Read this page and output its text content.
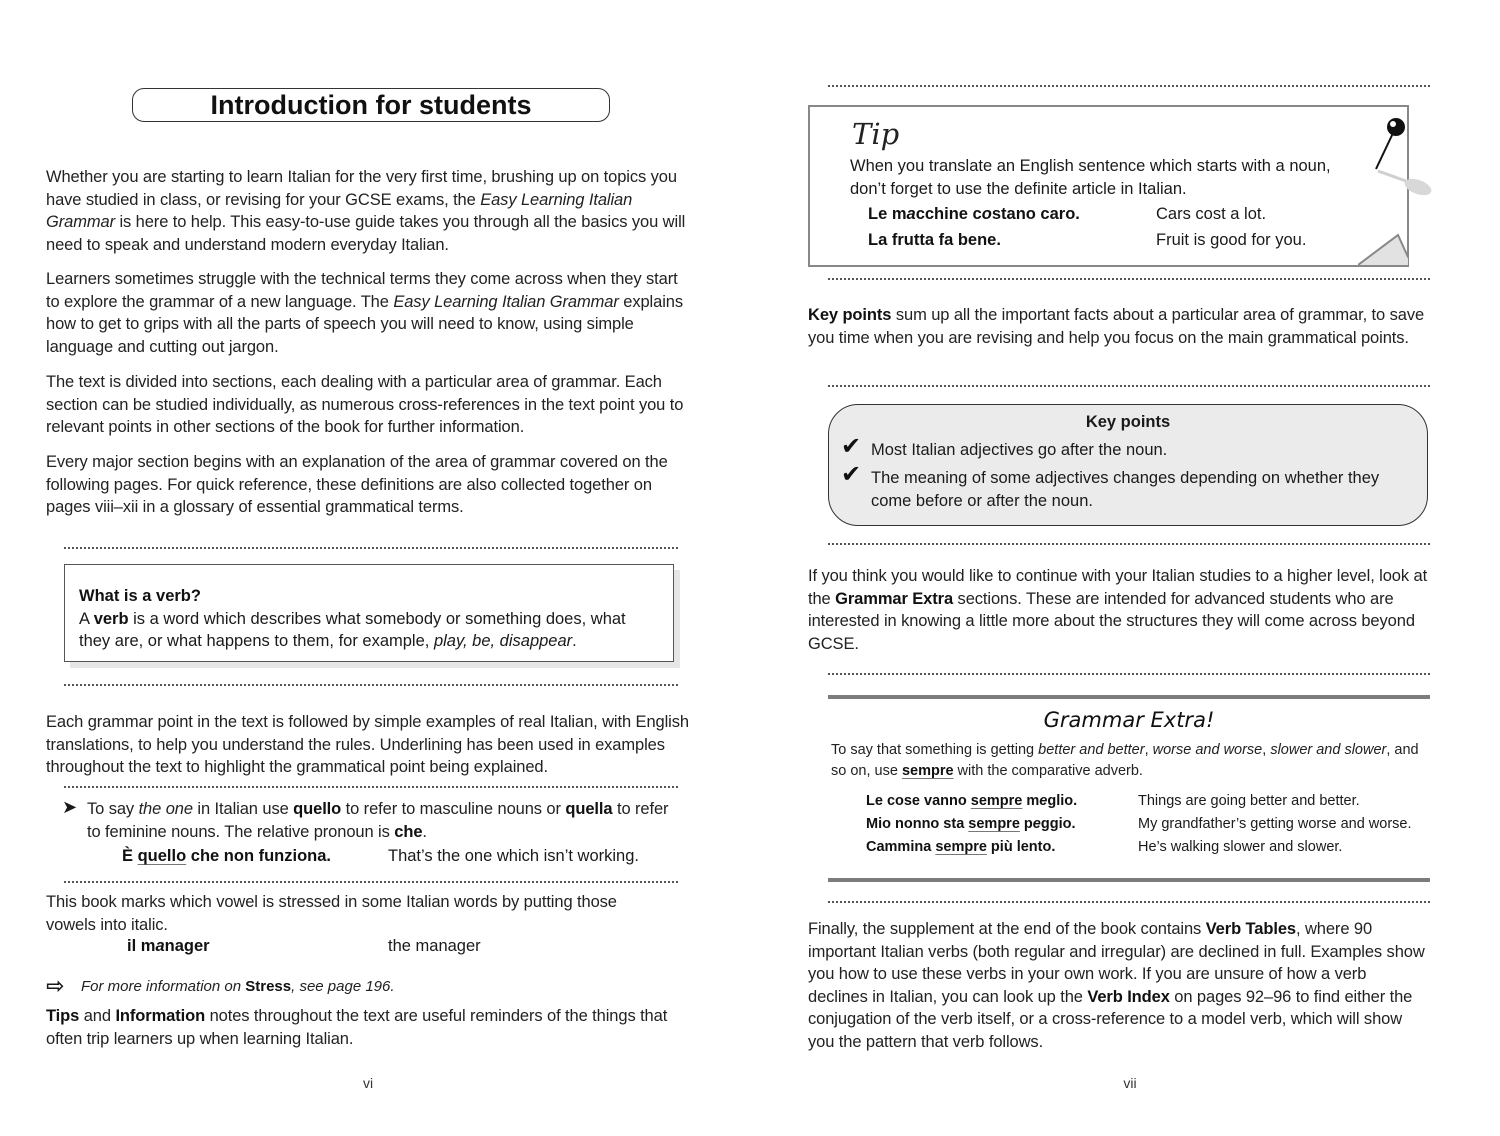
Introduction for students

Whether you are starting to learn Italian for the very first time, brushing up on topics you have studied in class, or revising for your GCSE exams, the Easy Learning Italian Grammar is here to help. This easy-to-use guide takes you through all the basics you will need to speak and understand modern everyday Italian.

Learners sometimes struggle with the technical terms they come across when they start to explore the grammar of a new language. The Easy Learning Italian Grammar explains how to get to grips with all the parts of speech you will need to know, using simple language and cutting out jargon.

The text is divided into sections, each dealing with a particular area of grammar. Each section can be studied individually, as numerous cross-references in the text point you to relevant points in other sections of the book for further information.

Every major section begins with an explanation of the area of grammar covered on the following pages. For quick reference, these definitions are also collected together on pages viii–xii in a glossary of essential grammatical terms.

What is a verb?
A verb is a word which describes what somebody or something does, what they are, or what happens to them, for example, play, be, disappear.

Each grammar point in the text is followed by simple examples of real Italian, with English translations, to help you understand the rules. Underlining has been used in examples throughout the text to highlight the grammatical point being explained.

➤ To say the one in Italian use quello to refer to masculine nouns or quella to refer to feminine nouns. The relative pronoun is che.

È quello che non funziona.	That’s the one which isn’t working.

This book marks which vowel is stressed in some Italian words by putting those vowels into italic.

il manager	the manager
⇨ For more information on Stress, see page 196.

Tips and Information notes throughout the text are useful reminders of the things that often trip learners up when learning Italian.

vi
Tip
When you translate an English sentence which starts with a noun, don’t forget to use the definite article in Italian.
Le macchine costano caro.	Cars cost a lot.
La frutta fa bene.	Fruit is good for you.

Key points sum up all the important facts about a particular area of grammar, to save you time when you are revising and help you focus on the main grammatical points.

Key points
✔ Most Italian adjectives go after the noun.
✔ The meaning of some adjectives changes depending on whether they come before or after the noun.

If you think you would like to continue with your Italian studies to a higher level, look at the Grammar Extra sections. These are intended for advanced students who are interested in knowing a little more about the structures they will come across beyond GCSE.

Grammar Extra!

To say that something is getting better and better, worse and worse, slower and slower, and so on, use sempre with the comparative adverb.

Le cose vanno sempre meglio.	Things are going better and better.
Mio nonno sta sempre peggio.	My grandfather’s getting worse and worse.
Cammina sempre più lento.	He’s walking slower and slower.

Finally, the supplement at the end of the book contains Verb Tables, where 90 important Italian verbs (both regular and irregular) are declined in full. Examples show you how to use these verbs in your own work. If you are unsure of how a verb declines in Italian, you can look up the Verb Index on pages 92–96 to find either the conjugation of the verb itself, or a cross-reference to a model verb, which will show you the pattern that verb follows.

vii
